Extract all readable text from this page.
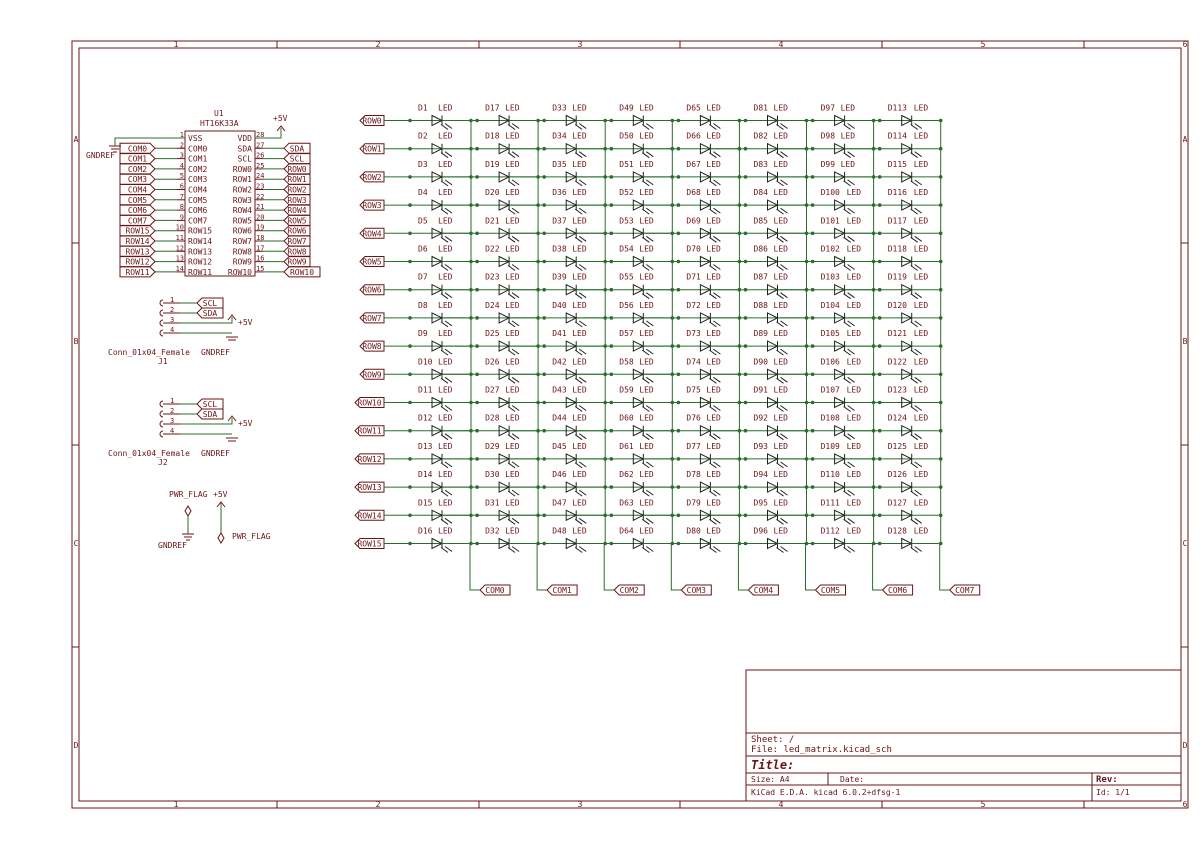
1
1
2
2
3
3
4
4
5
5
6
6
A	A
B	B
C	C
D	D
U1
HT16K33A
1 VSS
2 COM0
COM0
3 COM1
COM1
4 COM2
COM2
5 COM3
COM3
6 COM4
COM4
7 COM5
COM5
8 COM6
COM6
9 COM7
COM7
10 ROW15
ROW15
11 ROW14
ROW14
12 ROW13
ROW13
13 ROW12
ROW12
14 ROW11
ROW11
28
VDD
27
SDA	SDA
26
SCL	SCL
25
ROW0	ROW0
24
ROW1	ROW1
23
ROW2	ROW2
22
ROW3	ROW3
21
ROW4	ROW4
20
ROW5	ROW5
19
ROW6	ROW6
18
ROW7	ROW7
17
ROW8	ROW8
16
ROW9	ROW9
15
ROW10	ROW10
GNDREF
+5V
1
2
3
4
SCL
SDA
+5V
GNDREF
Conn_01x04_Female
J1
1
2
3
4
SCL
SDA
+5V
GNDREF
Conn_01x04_Female
J2
PWR_FLAG
GNDREF
+5V
PWR_FLAG
ROW0
ROW1
ROW2
ROW3
ROW4
ROW5
ROW6
ROW7
ROW8
ROW9
ROW10
ROW11
ROW12
ROW13
ROW14
ROW15
D1 LED
D2 LED
D3 LED
D4 LED
D5 LED
D6 LED
D7 LED
D8 LED
D9 LED
D10 LED
D11 LED
D12 LED
D13 LED
D14 LED
D15 LED
D16 LED
COM0
D17 LED
D18 LED
D19 LED
D20 LED
D21 LED
D22 LED
D23 LED
D24 LED
D25 LED
D26 LED
D27 LED
D28 LED
D29 LED
D30 LED
D31 LED
D32 LED
COM1
D33 LED
D34 LED
D35 LED
D36 LED
D37 LED
D38 LED
D39 LED
D40 LED
D41 LED
D42 LED
D43 LED
D44 LED
D45 LED
D46 LED
D47 LED
D48 LED
COM2
D49 LED
D50 LED
D51 LED
D52 LED
D53 LED
D54 LED
D55 LED
D56 LED
D57 LED
D58 LED
D59 LED
D60 LED
D61 LED
D62 LED
D63 LED
D64 LED
COM3
D65 LED
D66 LED
D67 LED
D68 LED
D69 LED
D70 LED
D71 LED
D72 LED
D73 LED
D74 LED
D75 LED
D76 LED
D77 LED
D78 LED
D79 LED
D80 LED
COM4
D81 LED
D82 LED
D83 LED
D84 LED
D85 LED
D86 LED
D87 LED
D88 LED
D89 LED
D90 LED
D91 LED
D92 LED
D93 LED
D94 LED
D95 LED
D96 LED
COM5
D97 LED
D98 LED
D99 LED
D100 LED
D101 LED
D102 LED
D103 LED
D104 LED
D105 LED
D106 LED
D107 LED
D108 LED
D109 LED
D110 LED
D111 LED
D112 LED
COM6
D113 LED
D114 LED
D115 LED
D116 LED
D117 LED
D118 LED
D119 LED
D120 LED
D121 LED
D122 LED
D123 LED
D124 LED
D125 LED
D126 LED
D127 LED
D128 LED
COM7
Sheet: /
File: led_matrix.kicad_sch
Title:
Size: A4	Date:	Rev:
KiCad E.D.A. kicad 6.0.2+dfsg-1	Id: 1/1
